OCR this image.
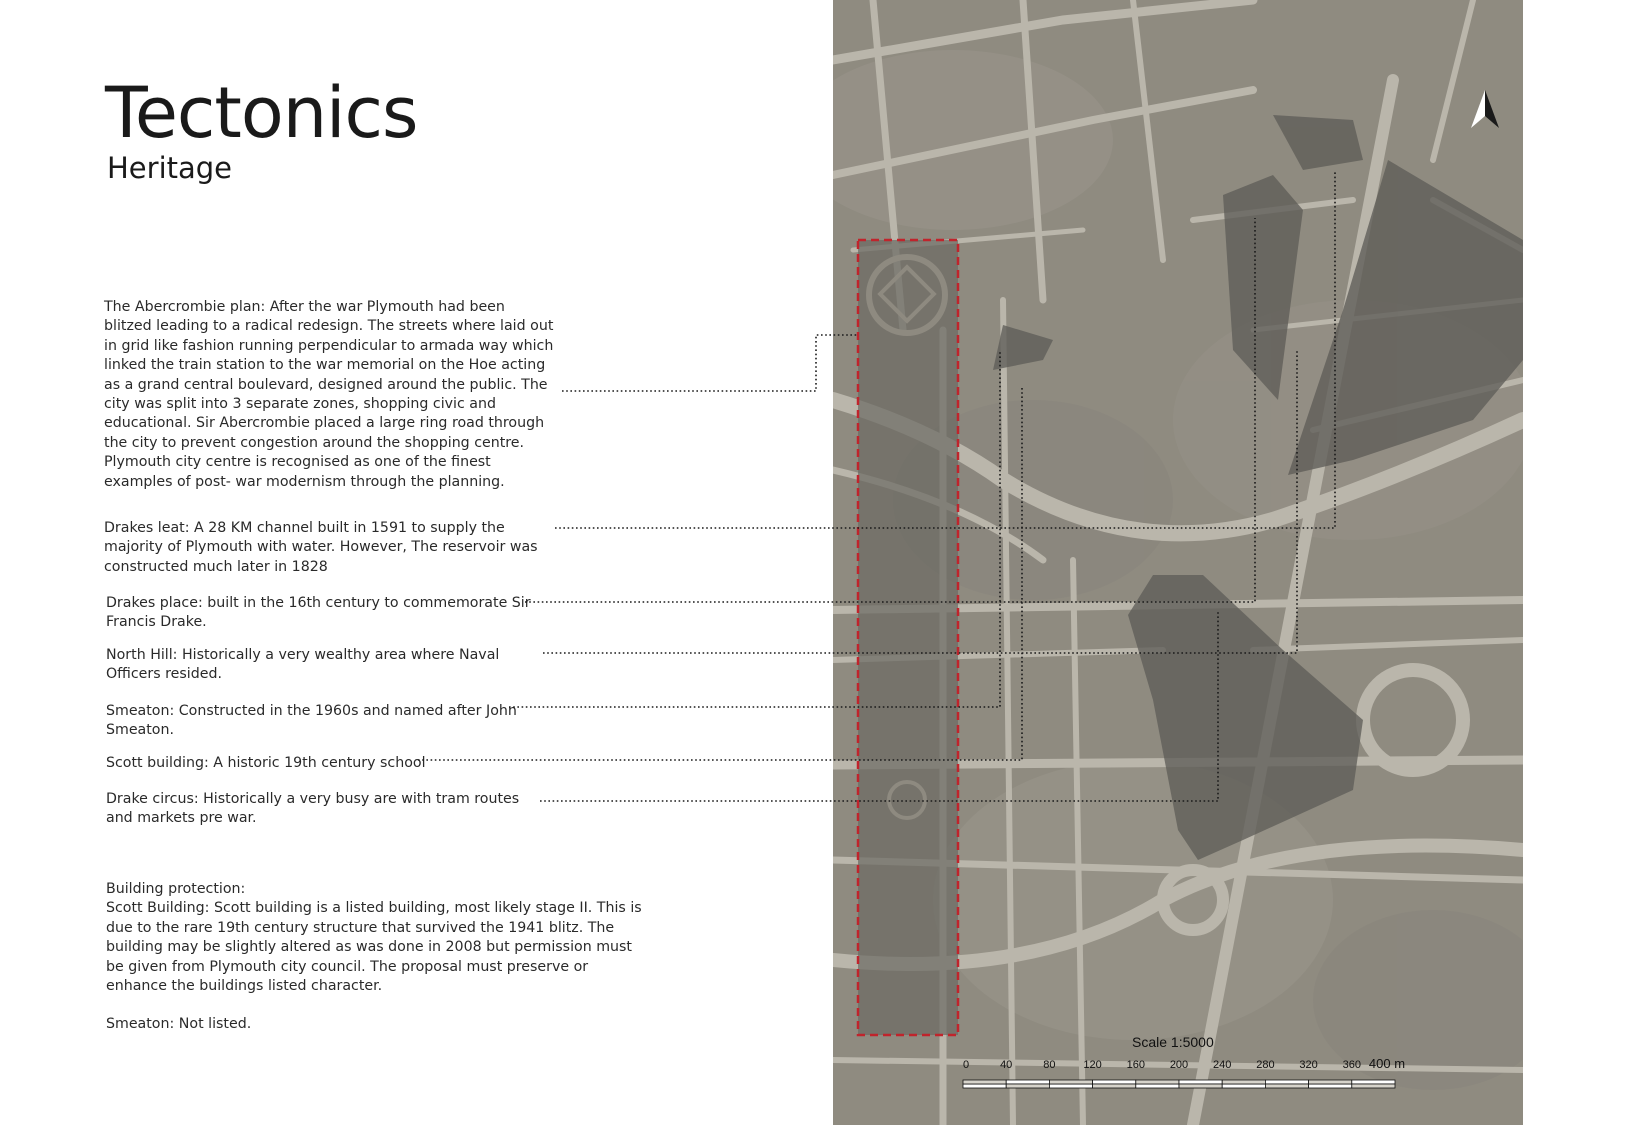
Tectonics
Heritage
The Abercrombie plan: After the war Plymouth had been blitzed leading to a radical redesign. The streets where laid out in grid like fashion running perpendicular to armada way which linked the train station to the war memorial on the Hoe acting as a grand central boulevard, designed around the public. The city was split into 3 separate zones, shopping civic and educational. Sir Abercrombie placed a large ring road through the city to prevent congestion around the shopping centre. Plymouth city centre is recognised as one of the finest examples of post- war modernism through the planning.
Drakes leat: A 28 KM channel built in 1591 to supply the majority of Plymouth with water. However, The reservoir was constructed much later in 1828
Drakes place: built in the 16th century to commemorate Sir Francis Drake.
North Hill: Historically a very wealthy area where Naval Officers resided.
Smeaton: Constructed in the 1960s and named after John Smeaton.
Scott building: A historic 19th century school
Drake circus: Historically a very busy are with tram routes and markets pre war.
Building protection:
Scott Building: Scott building is a listed building, most likely stage II. This is due to the rare 19th century structure that survived the 1941 blitz. The building may be slightly altered as was done in 2008 but permission must be given from Plymouth city council. The proposal must preserve or enhance the buildings listed character.
Smeaton: Not listed.
Scale 1:5000
0	40	80	120 160 200 240 280 320 360 400 m
